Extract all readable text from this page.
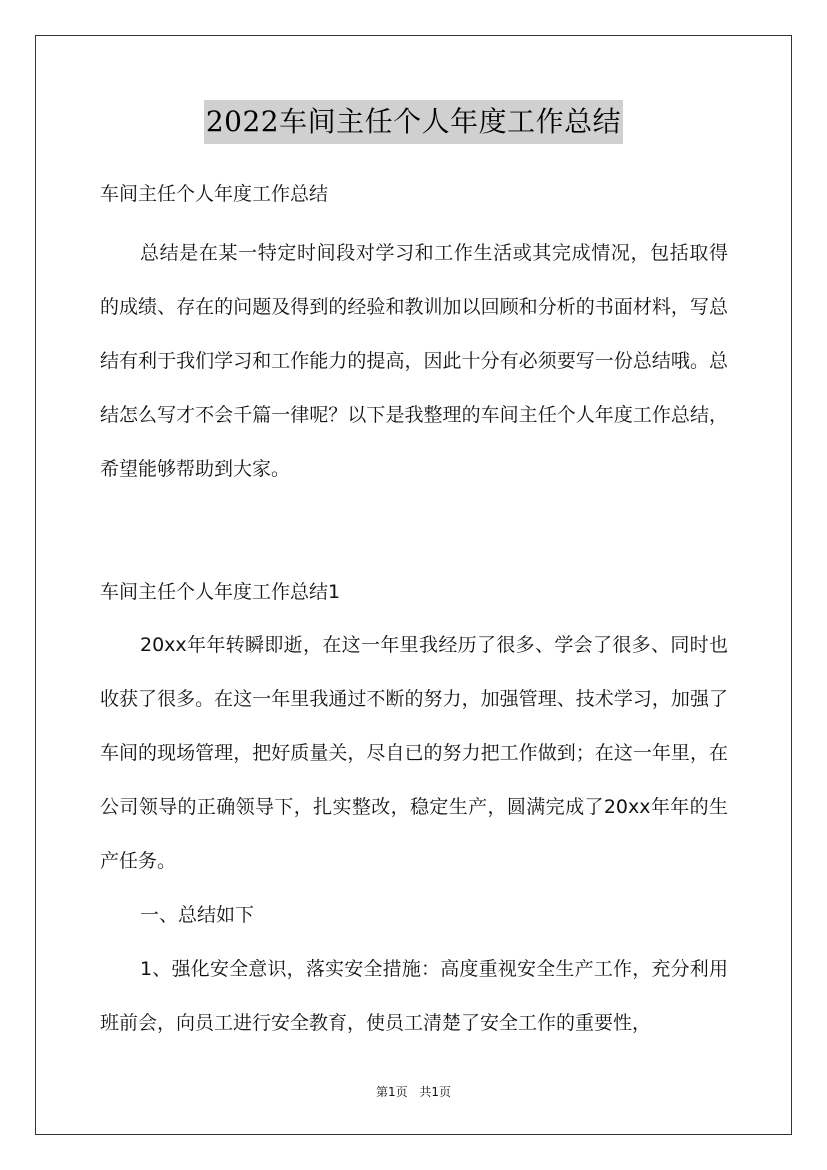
2022车间主任个人年度工作总结

车间主任个人年度工作总结

总结是在某一特定时间段对学习和工作生活或其完成情况，包括取得的成绩、存在的问题及得到的经验和教训加以回顾和分析的书面材料，写总结有利于我们学习和工作能力的提高，因此十分有必须要写一份总结哦。总结怎么写才不会千篇一律呢？以下是我整理的车间主任个人年度工作总结，希望能够帮助到大家。

车间主任个人年度工作总结1

20xx年年转瞬即逝，在这一年里我经历了很多、学会了很多、同时也收获了很多。在这一年里我通过不断的努力，加强管理、技术学习，加强了车间的现场管理，把好质量关，尽自已的努力把工作做到；在这一年里，在公司领导的正确领导下，扎实整改，稳定生产，圆满完成了20xx年年的生产任务。

一、总结如下

1、强化安全意识，落实安全措施：高度重视安全生产工作，充分利用班前会，向员工进行安全教育，使员工清楚了安全工作的重要性，

第1页 共1页
